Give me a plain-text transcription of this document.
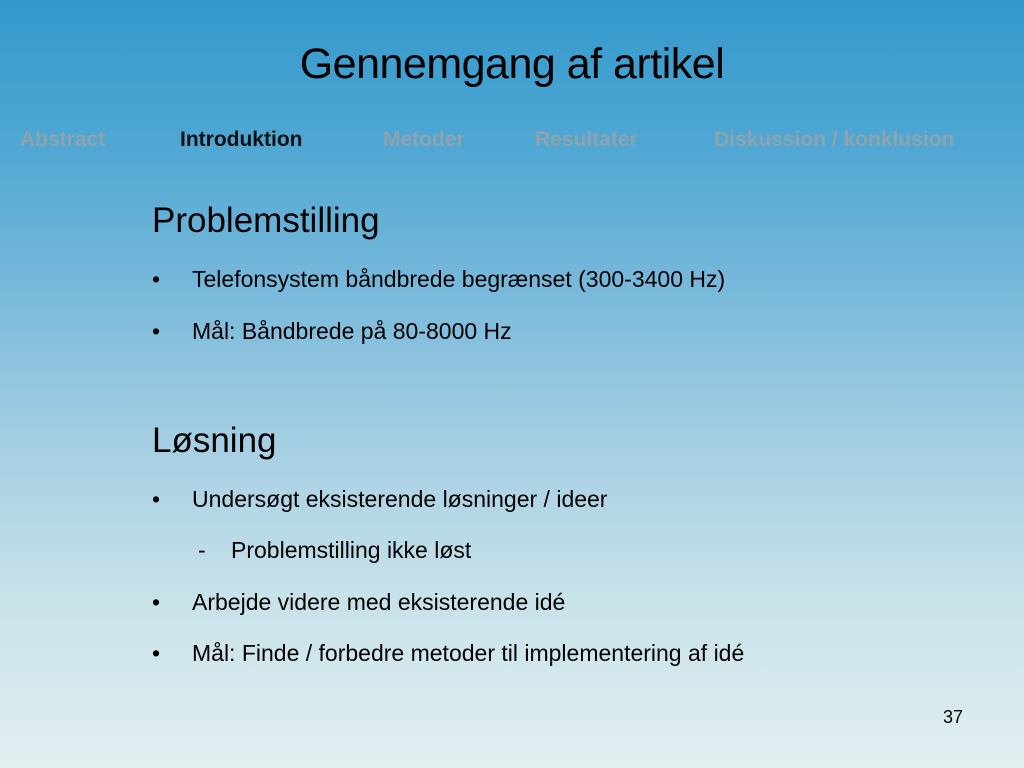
Gennemgang af artikel
Abstract	Introduktion	Metoder	Resultater	Diskussion / konklusion
Problemstilling
• Telefonsystem båndbrede begrænset (300-3400 Hz)
• Mål: Båndbrede på 80-8000 Hz
Løsning
• Undersøgt eksisterende løsninger / ideer
- Problemstilling ikke løst
• Arbejde videre med eksisterende idé
• Mål: Finde / forbedre metoder til implementering af idé
37
